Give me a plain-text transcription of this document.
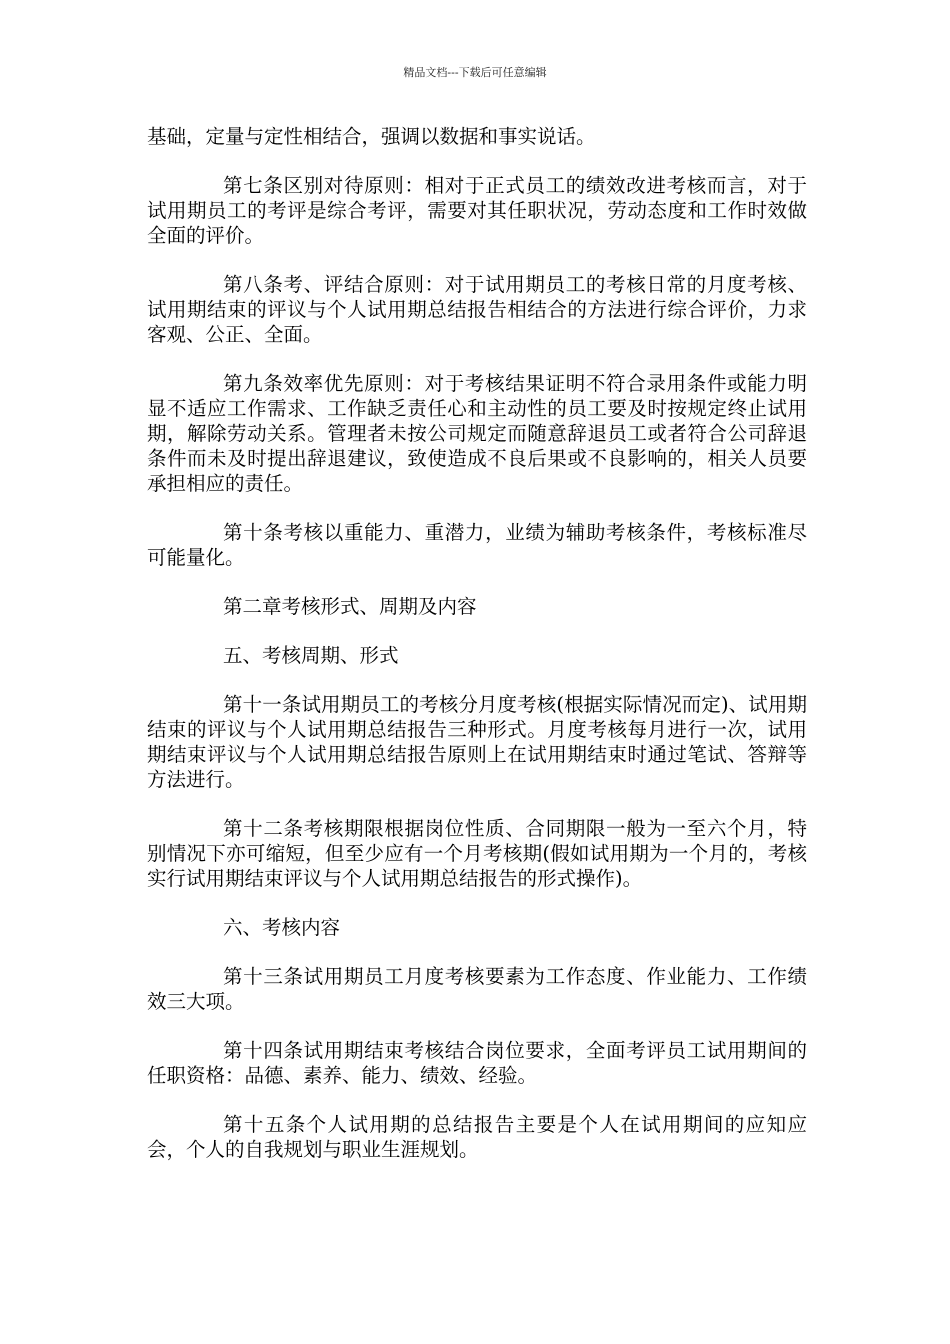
精品文档---下载后可任意编辑

基础，定量与定性相结合，强调以数据和事实说话。

第七条区别对待原则：相对于正式员工的绩效改进考核而言，对于试用期员工的考评是综合考评，需要对其任职状况，劳动态度和工作时效做全面的评价。

第八条考、评结合原则：对于试用期员工的考核日常的月度考核、试用期结束的评议与个人试用期总结报告相结合的方法进行综合评价，力求客观、公正、全面。

第九条效率优先原则：对于考核结果证明不符合录用条件或能力明显不适应工作需求、工作缺乏责任心和主动性的员工要及时按规定终止试用期，解除劳动关系。管理者未按公司规定而随意辞退员工或者符合公司辞退条件而未及时提出辞退建议，致使造成不良后果或不良影响的，相关人员要承担相应的责任。

第十条考核以重能力、重潜力，业绩为辅助考核条件，考核标准尽可能量化。

第二章考核形式、周期及内容

五、考核周期、形式

第十一条试用期员工的考核分月度考核(根据实际情况而定)、试用期结束的评议与个人试用期总结报告三种形式。月度考核每月进行一次，试用期结束评议与个人试用期总结报告原则上在试用期结束时通过笔试、答辩等方法进行。

第十二条考核期限根据岗位性质、合同期限一般为一至六个月，特别情况下亦可缩短，但至少应有一个月考核期(假如试用期为一个月的，考核实行试用期结束评议与个人试用期总结报告的形式操作)。

六、考核内容

第十三条试用期员工月度考核要素为工作态度、作业能力、工作绩效三大项。

第十四条试用期结束考核结合岗位要求，全面考评员工试用期间的任职资格：品德、素养、能力、绩效、经验。

第十五条个人试用期的总结报告主要是个人在试用期间的应知应会，个人的自我规划与职业生涯规划。
